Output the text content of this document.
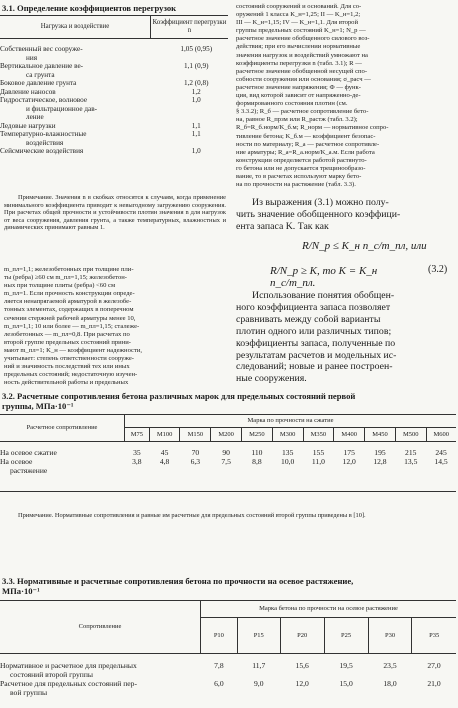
3.1. Определение коэффициентов перегрузок
Нагрузка и воздействие	Коэффициент перегрузки n

Собственный вес сооруже-	1,05 (0,95)
ния	
Вертикальное давление ве-	1,1 (0,9)
са грунта	
Боковое давление грунта	1,2 (0,8)
Давление наносов	1,2
Гидростатическое, волновое	1,0
и фильтрационное дав-	
ление	
Ледовые нагрузки	1,1
Температурно-влажностные	1,1
воздействия	
Сейсмические воздействия	1,0
Примечание. Значения n в скобках относятся к случаям, когда применение минимального коэффициента приводит к невыгодному загружению сооружения. При расчетах общей прочности и устойчивости плотин значения n для нагрузок от веса сооружения, давления грунта, а также температурных, влажностных и динамических принимают равным 1.
m_пл=1,1; железобетонных при толщине пли-
ты (ребра) ≥60 см m_пл=1,15; железобетон-
ных при толщине плиты (ребра) <60 см
m_пл=1. Если прочность конструкции опреде-
ляется ненапрягаемой арматурой в железобе-
тонных элементах, содержащих в поперечном
сечении стержней рабочей арматуры менее 10,
m_пл=1,1; 10 или более — m_пл=1,15; сталеже-
лезобетонных — m_пл=0,8. При расчетах по
второй группе предельных состояний прини-
мают m_пл=1; K_н — коэффициент надежности,
учитывает: степень ответственности сооруже-
ний и значимость последствий тех или иных
предельных состояний; недостаточную изучен-
ность действительной работы и предельных
состояний сооружений и оснований. Для со-
оружений 1 класса K_н=1,25; II — K_н=1,2;
III — K_н=1,15; IV — K_н=1,1. Для второй
группы предельных состояний K_н=1; N_р —
расчетное значение обобщенного силового воз-
действия; при его вычислении нормативные
значения нагрузок и воздействий умножают на
коэффициенты перегрузки n (табл. 3.1); R —
расчетное значение обобщенной несущей спо-
собности сооружения или основания; σ_расч —
расчетное значение напряжения; Ф — функ-
ция, вид которой зависит от напряженно-де-
формированного состояния плотин (см.
§ 3.3.2); R_б — расчетное сопротивление бето-
на, равное R_прзм или R_растж (табл. 3.2);
R_б=R_б.норм/K_б.м; R_норм — нормативное сопро-
тивление бетона; K_б.м — коэффициент безопас-
ности по материалу; R_а — расчетное сопротивле-
ние арматуры; R_а=R_а.норм/K_а.м. Если работа
конструкции определяется работой растянуто-
го бетона или не допускается трещинообразо-
вание, то в расчетах используют марку бето-
на по прочности на растяжение (табл. 3.3).
Из выражения (3.1) можно полу-
чить значение обобщенного коэффици-
ента запаса K. Так как
R/N_р ≤ K_н n_с/m_пл, или
R/N_р ≥ K, то K = K_н n_с/m_пл.
(3.2)
Использование понятия обобщен-
ного коэффициента запаса позволяет
сравнивать между собой варианты
плотин одного или различных типов;
коэффициенты запаса, полученные по
результатам расчетов и модельных ис-
следований; новые и ранее построен-
ные сооружения.
3.2. Расчетные сопротивления бетона различных марок для предельных состояний первой
группы, МПа·10⁻¹
Расчетное сопротивление	Марка по прочности на сжатие										
	M75	M100	M150	M200	M250	M300	M350	M400	M450	M500	M600

На осевое сжатие	35	45	70	90	110	135	155	175	195	215	245
На осевое	3,8	4,8	6,3	7,5	8,8	10,0	11,0	12,0	12,8	13,5	14,5
растяжение											
Примечание. Нормативные сопротивления и равные им расчетные для предельных состояний второй группы приведены в [10].
3.3. Нормативные и расчетные сопротивления бетона по прочности на осевое растяжение,
МПа·10⁻¹
Сопротивление	Марка бетона по прочности на осевое растяжение					
	P10	P15	P20	P25	P30	P35

Нормативное и расчетное для предельных	7,8	11,7	15,6	19,5	23,5	27,0
состояний второй группы						
Расчетное для предельных состояний пер-	6,0	9,0	12,0	15,0	18,0	21,0
вой группы						
